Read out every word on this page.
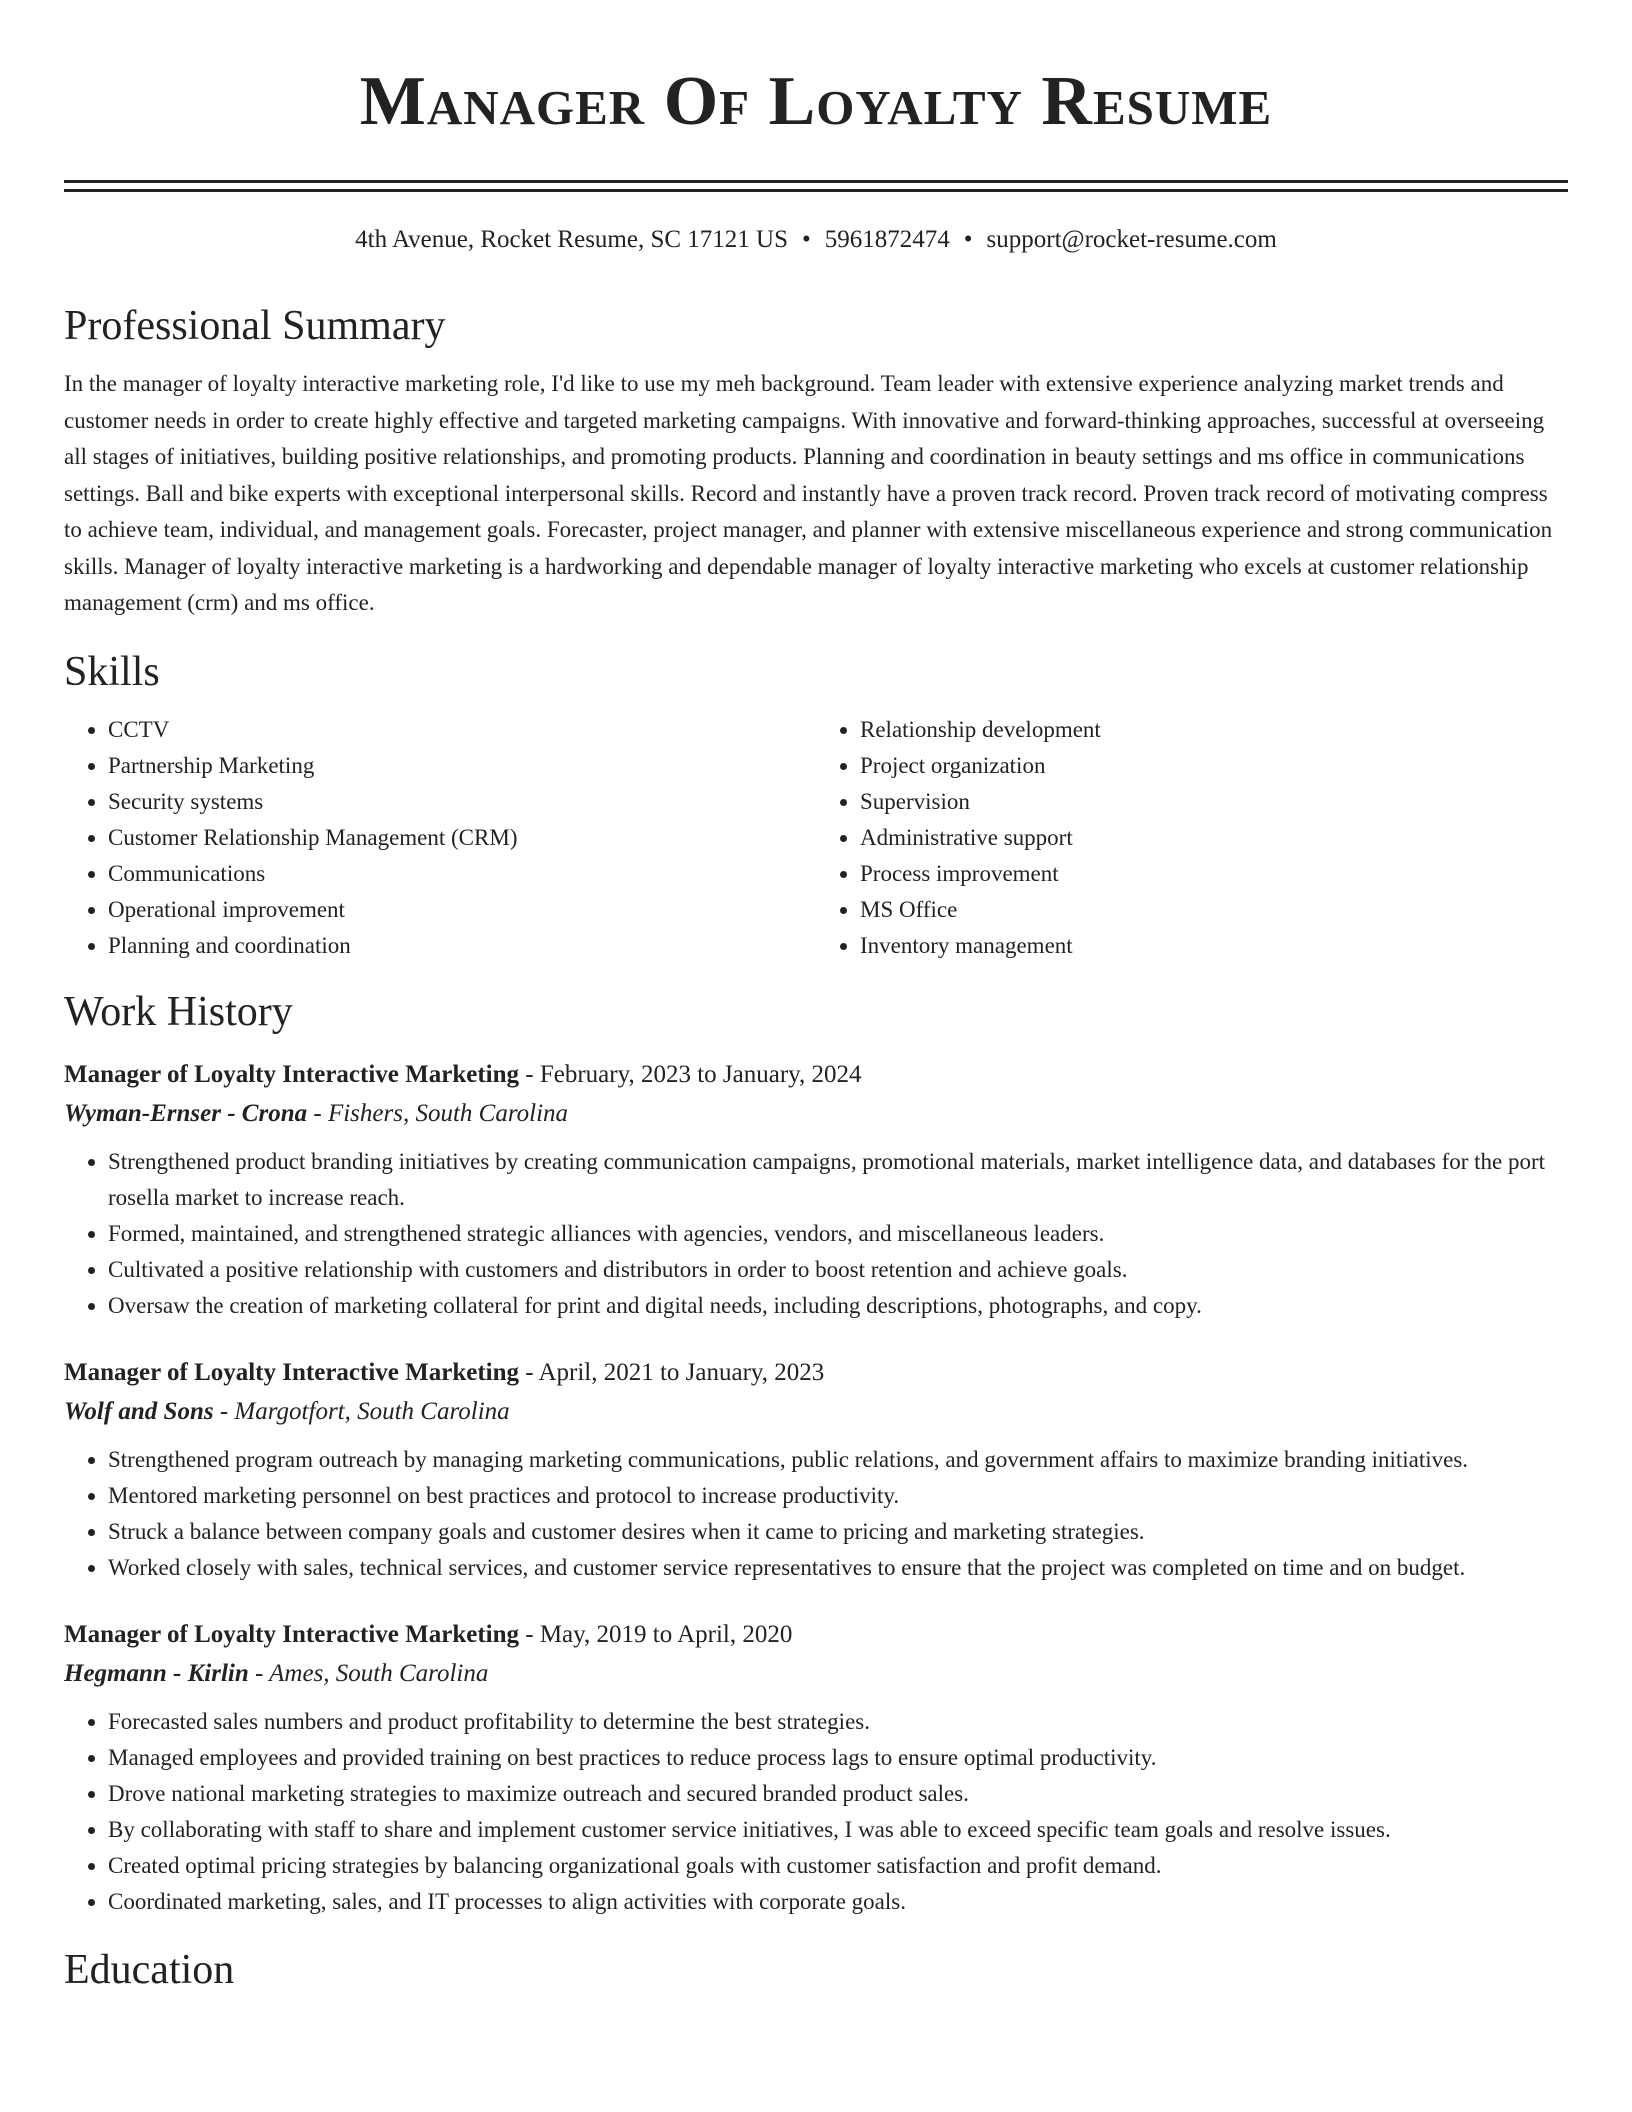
Manager Of Loyalty Resume
4th Avenue, Rocket Resume, SC 17121 US • 5961872474 • support@rocket-resume.com
Professional Summary
In the manager of loyalty interactive marketing role, I'd like to use my meh background. Team leader with extensive experience analyzing market trends and customer needs in order to create highly effective and targeted marketing campaigns. With innovative and forward-thinking approaches, successful at overseeing all stages of initiatives, building positive relationships, and promoting products. Planning and coordination in beauty settings and ms office in communications settings. Ball and bike experts with exceptional interpersonal skills. Record and instantly have a proven track record. Proven track record of motivating compress to achieve team, individual, and management goals. Forecaster, project manager, and planner with extensive miscellaneous experience and strong communication skills. Manager of loyalty interactive marketing is a hardworking and dependable manager of loyalty interactive marketing who excels at customer relationship management (crm) and ms office.
Skills
• CCTV
• Partnership Marketing
• Security systems
• Customer Relationship Management (CRM)
• Communications
• Operational improvement
• Planning and coordination
• Relationship development
• Project organization
• Supervision
• Administrative support
• Process improvement
• MS Office
• Inventory management
Work History
Manager of Loyalty Interactive Marketing - February, 2023 to January, 2024
Wyman-Ernser - Crona - Fishers, South Carolina
• Strengthened product branding initiatives by creating communication campaigns, promotional materials, market intelligence data, and databases for the port rosella market to increase reach.
• Formed, maintained, and strengthened strategic alliances with agencies, vendors, and miscellaneous leaders.
• Cultivated a positive relationship with customers and distributors in order to boost retention and achieve goals.
• Oversaw the creation of marketing collateral for print and digital needs, including descriptions, photographs, and copy.
Manager of Loyalty Interactive Marketing - April, 2021 to January, 2023
Wolf and Sons - Margotfort, South Carolina
• Strengthened program outreach by managing marketing communications, public relations, and government affairs to maximize branding initiatives.
• Mentored marketing personnel on best practices and protocol to increase productivity.
• Struck a balance between company goals and customer desires when it came to pricing and marketing strategies.
• Worked closely with sales, technical services, and customer service representatives to ensure that the project was completed on time and on budget.
Manager of Loyalty Interactive Marketing - May, 2019 to April, 2020
Hegmann - Kirlin - Ames, South Carolina
• Forecasted sales numbers and product profitability to determine the best strategies.
• Managed employees and provided training on best practices to reduce process lags to ensure optimal productivity.
• Drove national marketing strategies to maximize outreach and secured branded product sales.
• By collaborating with staff to share and implement customer service initiatives, I was able to exceed specific team goals and resolve issues.
• Created optimal pricing strategies by balancing organizational goals with customer satisfaction and profit demand.
• Coordinated marketing, sales, and IT processes to align activities with corporate goals.
Education
